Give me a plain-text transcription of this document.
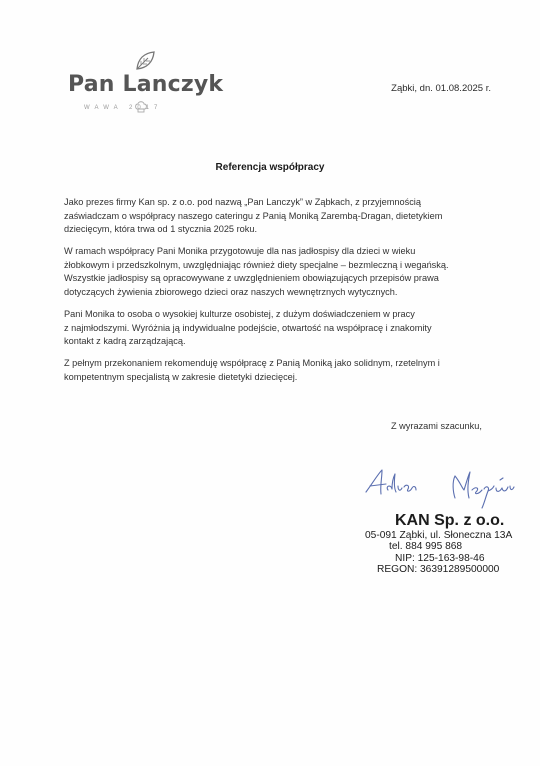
Pan Lanczyk
WAWA 2017
Ząbki, dn. 01.08.2025 r.
Referencja współpracy

Jako prezes firmy Kan sp. z o.o. pod nazwą „Pan Lanczyk” w Ząbkach, z przyjemnością
zaświadczam o współpracy naszego cateringu z Panią Moniką Zarembą-Dragan, dietetykiem
dziecięcym, która trwa od 1 stycznia 2025 roku.

W ramach współpracy Pani Monika przygotowuje dla nas jadłospisy dla dzieci w wieku
żłobkowym i przedszkolnym, uwzględniając również diety specjalne – bezmleczną i wegańską.
Wszystkie jadłospisy są opracowywane z uwzględnieniem obowiązujących przepisów prawa
dotyczących żywienia zbiorowego dzieci oraz naszych wewnętrznych wytycznych.

Pani Monika to osoba o wysokiej kulturze osobistej, z dużym doświadczeniem w pracy
z najmłodszymi. Wyróżnia ją indywidualne podejście, otwartość na współpracę i znakomity
kontakt z kadrą zarządzającą.

Z pełnym przekonaniem rekomenduję współpracę z Panią Moniką jako solidnym, rzetelnym i
kompetentnym specjalistą w zakresie dietetyki dziecięcej.

Z wyrazami szacunku,
KAN Sp. z o.o.
05-091 Ząbki, ul. Słoneczna 13A
tel. 884 995 868
NIP: 125-163-98-46
REGON: 36391289500000
